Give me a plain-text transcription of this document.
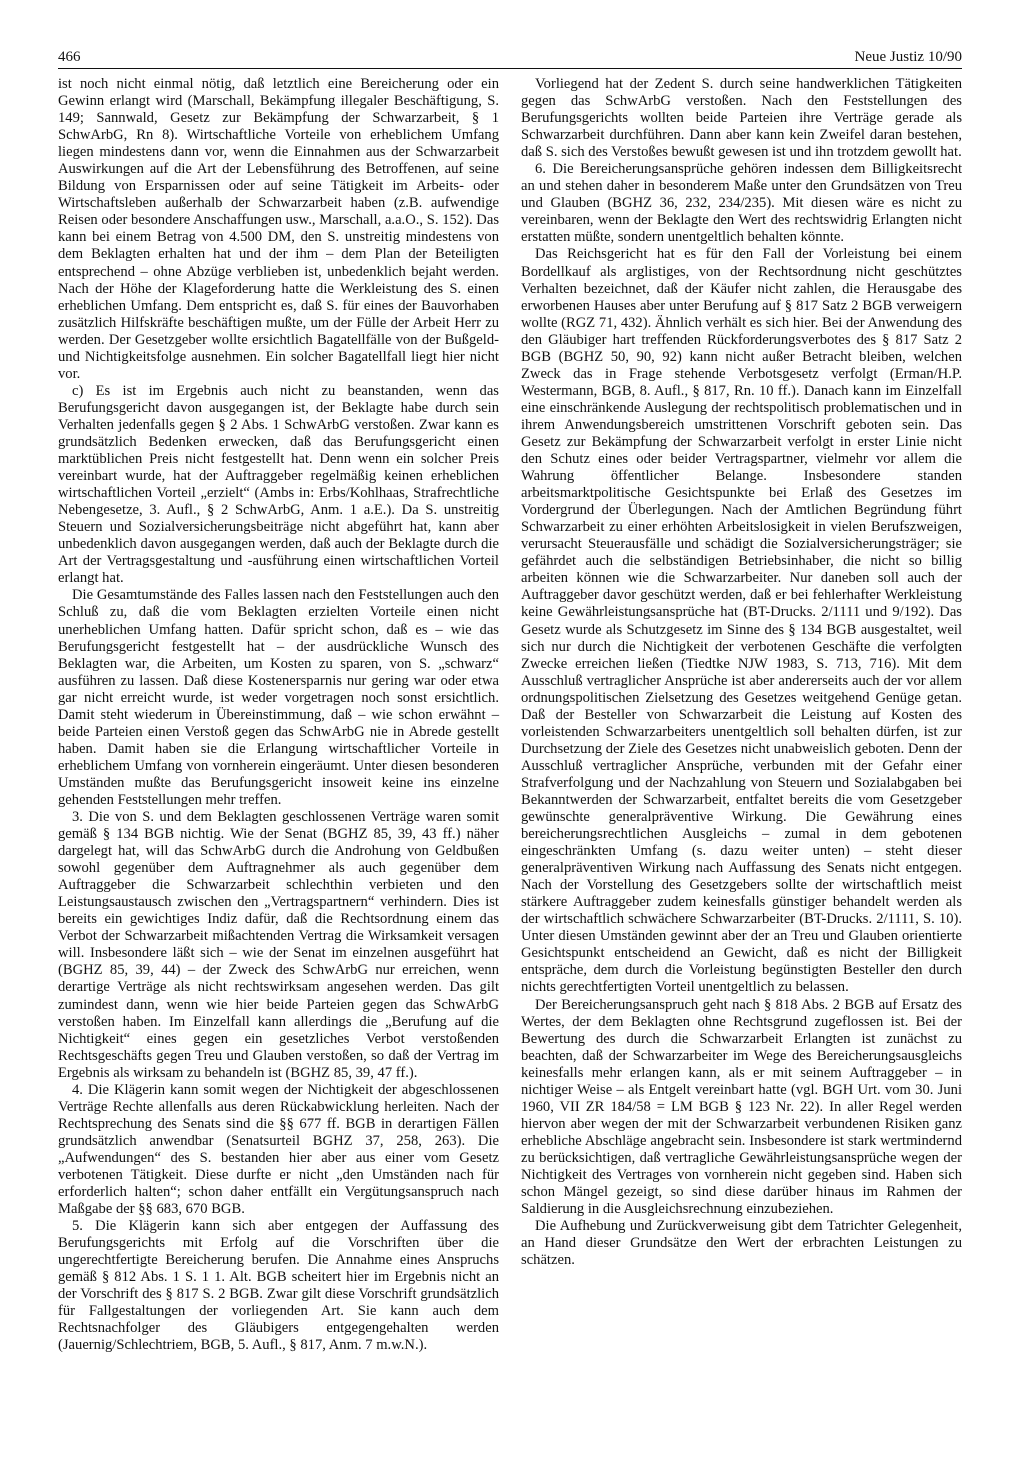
466	Neue Justiz 10/90

ist noch nicht einmal nötig, daß letztlich eine Bereicherung oder ein Gewinn erlangt wird (Marschall, Bekämpfung illegaler Beschäftigung, S. 149; Sannwald, Gesetz zur Bekämpfung der Schwarzarbeit, § 1 SchwArbG, Rn 8). Wirtschaftliche Vorteile von erheblichem Umfang liegen mindestens dann vor, wenn die Einnahmen aus der Schwarzarbeit Auswirkungen auf die Art der Lebensführung des Betroffenen, auf seine Bildung von Ersparnissen oder auf seine Tätigkeit im Arbeits- oder Wirtschaftsleben außerhalb der Schwarzarbeit haben (z.B. aufwendige Reisen oder besondere Anschaffungen usw., Marschall, a.a.O., S. 152). Das kann bei einem Betrag von 4.500 DM, den S. unstreitig mindestens von dem Beklagten erhalten hat und der ihm – dem Plan der Beteiligten entsprechend – ohne Abzüge verblieben ist, unbedenklich bejaht werden. Nach der Höhe der Klageforderung hatte die Werkleistung des S. einen erheblichen Umfang. Dem entspricht es, daß S. für eines der Bauvorhaben zusätzlich Hilfskräfte beschäftigen mußte, um der Fülle der Arbeit Herr zu werden. Der Gesetzgeber wollte ersichtlich Bagatellfälle von der Bußgeld- und Nichtigkeitsfolge ausnehmen. Ein solcher Bagatellfall liegt hier nicht vor.

c) Es ist im Ergebnis auch nicht zu beanstanden, wenn das Berufungsgericht davon ausgegangen ist, der Beklagte habe durch sein Verhalten jedenfalls gegen § 2 Abs. 1 SchwArbG verstoßen. Zwar kann es grundsätzlich Bedenken erwecken, daß das Berufungsgericht einen marktüblichen Preis nicht festgestellt hat. Denn wenn ein solcher Preis vereinbart wurde, hat der Auftraggeber regelmäßig keinen erheblichen wirtschaftlichen Vorteil „erzielt“ (Ambs in: Erbs/Kohlhaas, Strafrechtliche Nebengesetze, 3. Aufl., § 2 SchwArbG, Anm. 1 a.E.). Da S. unstreitig Steuern und Sozialversicherungsbeiträge nicht abgeführt hat, kann aber unbedenklich davon ausgegangen werden, daß auch der Beklagte durch die Art der Vertragsgestaltung und -ausführung einen wirtschaftlichen Vorteil erlangt hat.

Die Gesamtumstände des Falles lassen nach den Feststellungen auch den Schluß zu, daß die vom Beklagten erzielten Vorteile einen nicht unerheblichen Umfang hatten. Dafür spricht schon, daß es – wie das Berufungsgericht festgestellt hat – der ausdrückliche Wunsch des Beklagten war, die Arbeiten, um Kosten zu sparen, von S. „schwarz“ ausführen zu lassen. Daß diese Kostenersparnis nur gering war oder etwa gar nicht erreicht wurde, ist weder vorgetragen noch sonst ersichtlich. Damit steht wiederum in Übereinstimmung, daß – wie schon erwähnt – beide Parteien einen Verstoß gegen das SchwArbG nie in Abrede gestellt haben. Damit haben sie die Erlangung wirtschaftlicher Vorteile in erheblichem Umfang von vornherein eingeräumt. Unter diesen besonderen Umständen mußte das Berufungsgericht insoweit keine ins einzelne gehenden Feststellungen mehr treffen.

3. Die von S. und dem Beklagten geschlossenen Verträge waren somit gemäß § 134 BGB nichtig. Wie der Senat (BGHZ 85, 39, 43 ff.) näher dargelegt hat, will das SchwArbG durch die Androhung von Geldbußen sowohl gegenüber dem Auftragnehmer als auch gegenüber dem Auftraggeber die Schwarzarbeit schlechthin verbieten und den Leistungsaustausch zwischen den „Vertragspartnern“ verhindern. Dies ist bereits ein gewichtiges Indiz dafür, daß die Rechtsordnung einem das Verbot der Schwarzarbeit mißachtenden Vertrag die Wirksamkeit versagen will. Insbesondere läßt sich – wie der Senat im einzelnen ausgeführt hat (BGHZ 85, 39, 44) – der Zweck des SchwArbG nur erreichen, wenn derartige Verträge als nicht rechtswirksam angesehen werden. Das gilt zumindest dann, wenn wie hier beide Parteien gegen das SchwArbG verstoßen haben. Im Einzelfall kann allerdings die „Berufung auf die Nichtigkeit“ eines gegen ein gesetzliches Verbot verstoßenden Rechtsgeschäfts gegen Treu und Glauben verstoßen, so daß der Vertrag im Ergebnis als wirksam zu behandeln ist (BGHZ 85, 39, 47 ff.).

4. Die Klägerin kann somit wegen der Nichtigkeit der abgeschlossenen Verträge Rechte allenfalls aus deren Rückabwicklung herleiten. Nach der Rechtsprechung des Senats sind die §§ 677 ff. BGB in derartigen Fällen grundsätzlich anwendbar (Senatsurteil BGHZ 37, 258, 263). Die „Aufwendungen“ des S. bestanden hier aber aus einer vom Gesetz verbotenen Tätigkeit. Diese durfte er nicht „den Umständen nach für erforderlich halten“; schon daher entfällt ein Vergütungsanspruch nach Maßgabe der §§ 683, 670 BGB.

5. Die Klägerin kann sich aber entgegen der Auffassung des Berufungsgerichts mit Erfolg auf die Vorschriften über die ungerechtfertigte Bereicherung berufen. Die Annahme eines Anspruchs gemäß § 812 Abs. 1 S. 1 1. Alt. BGB scheitert hier im Ergebnis nicht an der Vorschrift des § 817 S. 2 BGB. Zwar gilt diese Vorschrift grundsätzlich für Fallgestaltungen der vorliegenden Art. Sie kann auch dem Rechtsnachfolger des Gläubigers entgegengehalten werden (Jauernig/Schlechtriem, BGB, 5. Aufl., § 817, Anm. 7 m.w.N.).

Vorliegend hat der Zedent S. durch seine handwerklichen Tätigkeiten gegen das SchwArbG verstoßen. Nach den Feststellungen des Berufungsgerichts wollten beide Parteien ihre Verträge gerade als Schwarzarbeit durchführen. Dann aber kann kein Zweifel daran bestehen, daß S. sich des Verstoßes bewußt gewesen ist und ihn trotzdem gewollt hat.

6. Die Bereicherungsansprüche gehören indessen dem Billigkeitsrecht an und stehen daher in besonderem Maße unter den Grundsätzen von Treu und Glauben (BGHZ 36, 232, 234/235). Mit diesen wäre es nicht zu vereinbaren, wenn der Beklagte den Wert des rechtswidrig Erlangten nicht erstatten müßte, sondern unentgeltlich behalten könnte.

Das Reichsgericht hat es für den Fall der Vorleistung bei einem Bordellkauf als arglistiges, von der Rechtsordnung nicht geschütztes Verhalten bezeichnet, daß der Käufer nicht zahlen, die Herausgabe des erworbenen Hauses aber unter Berufung auf § 817 Satz 2 BGB verweigern wollte (RGZ 71, 432). Ähnlich verhält es sich hier. Bei der Anwendung des den Gläubiger hart treffenden Rückforderungsverbotes des § 817 Satz 2 BGB (BGHZ 50, 90, 92) kann nicht außer Betracht bleiben, welchen Zweck das in Frage stehende Verbotsgesetz verfolgt (Erman/H.P. Westermann, BGB, 8. Aufl., § 817, Rn. 10 ff.). Danach kann im Einzelfall eine einschränkende Auslegung der rechtspolitisch problematischen und in ihrem Anwendungsbereich umstrittenen Vorschrift geboten sein. Das Gesetz zur Bekämpfung der Schwarzarbeit verfolgt in erster Linie nicht den Schutz eines oder beider Vertragspartner, vielmehr vor allem die Wahrung öffentlicher Belange. Insbesondere standen arbeitsmarktpolitische Gesichtspunkte bei Erlaß des Gesetzes im Vordergrund der Überlegungen. Nach der Amtlichen Begründung führt Schwarzarbeit zu einer erhöhten Arbeitslosigkeit in vielen Berufszweigen, verursacht Steuerausfälle und schädigt die Sozialversicherungsträger; sie gefährdet auch die selbständigen Betriebsinhaber, die nicht so billig arbeiten können wie die Schwarzarbeiter. Nur daneben soll auch der Auftraggeber davor geschützt werden, daß er bei fehlerhafter Werkleistung keine Gewährleistungsansprüche hat (BT-Drucks. 2/1111 und 9/192). Das Gesetz wurde als Schutzgesetz im Sinne des § 134 BGB ausgestaltet, weil sich nur durch die Nichtigkeit der verbotenen Geschäfte die verfolgten Zwecke erreichen ließen (Tiedtke NJW 1983, S. 713, 716). Mit dem Ausschluß vertraglicher Ansprüche ist aber andererseits auch der vor allem ordnungspolitischen Zielsetzung des Gesetzes weitgehend Genüge getan. Daß der Besteller von Schwarzarbeit die Leistung auf Kosten des vorleistenden Schwarzarbeiters unentgeltlich soll behalten dürfen, ist zur Durchsetzung der Ziele des Gesetzes nicht unabweislich geboten. Denn der Ausschluß vertraglicher Ansprüche, verbunden mit der Gefahr einer Strafverfolgung und der Nachzahlung von Steuern und Sozialabgaben bei Bekanntwerden der Schwarzarbeit, entfaltet bereits die vom Gesetzgeber gewünschte generalpräventive Wirkung. Die Gewährung eines bereicherungsrechtlichen Ausgleichs – zumal in dem gebotenen eingeschränkten Umfang (s. dazu weiter unten) – steht dieser generalpräventiven Wirkung nach Auffassung des Senats nicht entgegen. Nach der Vorstellung des Gesetzgebers sollte der wirtschaftlich meist stärkere Auftraggeber zudem keinesfalls günstiger behandelt werden als der wirtschaftlich schwächere Schwarzarbeiter (BT-Drucks. 2/1111, S. 10). Unter diesen Umständen gewinnt aber der an Treu und Glauben orientierte Gesichtspunkt entscheidend an Gewicht, daß es nicht der Billigkeit entspräche, dem durch die Vorleistung begünstigten Besteller den durch nichts gerechtfertigten Vorteil unentgeltlich zu belassen.

Der Bereicherungsanspruch geht nach § 818 Abs. 2 BGB auf Ersatz des Wertes, der dem Beklagten ohne Rechtsgrund zugeflossen ist. Bei der Bewertung des durch die Schwarzarbeit Erlangten ist zunächst zu beachten, daß der Schwarzarbeiter im Wege des Bereicherungsausgleichs keinesfalls mehr erlangen kann, als er mit seinem Auftraggeber – in nichtiger Weise – als Entgelt vereinbart hatte (vgl. BGH Urt. vom 30. Juni 1960, VII ZR 184/58 = LM BGB § 123 Nr. 22). In aller Regel werden hiervon aber wegen der mit der Schwarzarbeit verbundenen Risiken ganz erhebliche Abschläge angebracht sein. Insbesondere ist stark wertmindernd zu berücksichtigen, daß vertragliche Gewährleistungsansprüche wegen der Nichtigkeit des Vertrages von vornherein nicht gegeben sind. Haben sich schon Mängel gezeigt, so sind diese darüber hinaus im Rahmen der Saldierung in die Ausgleichsrechnung einzubeziehen.

Die Aufhebung und Zurückverweisung gibt dem Tatrichter Gelegenheit, an Hand dieser Grundsätze den Wert der erbrachten Leistungen zu schätzen.
